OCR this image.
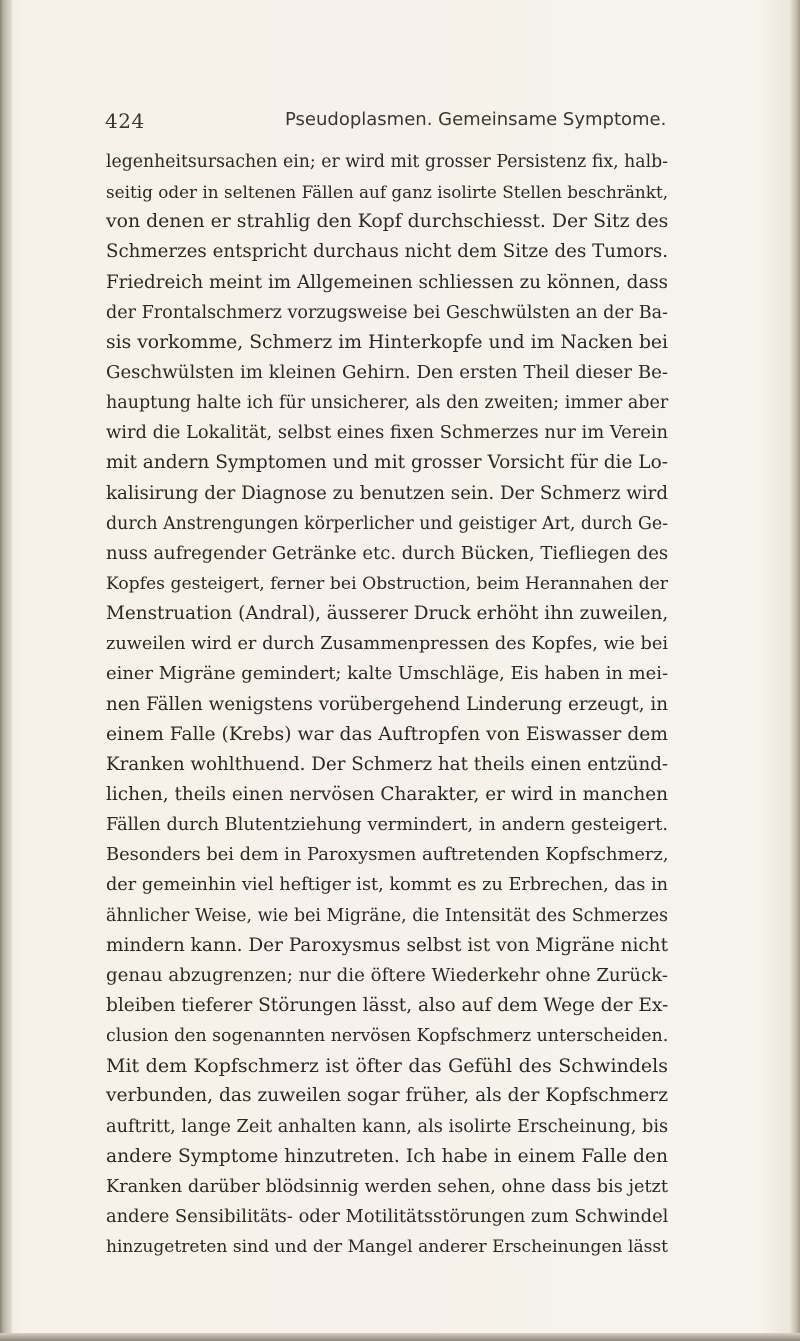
424	Pseudoplasmen. Gemeinsame Symptome.
legenheitsursachen ein; er wird mit grosser Persistenz fix, halb-
seitig oder in seltenen Fällen auf ganz isolirte Stellen beschränkt,
von denen er strahlig den Kopf durchschiesst. Der Sitz des
Schmerzes entspricht durchaus nicht dem Sitze des Tumors.
Friedreich meint im Allgemeinen schliessen zu können, dass
der Frontalschmerz vorzugsweise bei Geschwülsten an der Ba-
sis vorkomme, Schmerz im Hinterkopfe und im Nacken bei
Geschwülsten im kleinen Gehirn. Den ersten Theil dieser Be-
hauptung halte ich für unsicherer, als den zweiten; immer aber
wird die Lokalität, selbst eines fixen Schmerzes nur im Verein
mit andern Symptomen und mit grosser Vorsicht für die Lo-
kalisirung der Diagnose zu benutzen sein. Der Schmerz wird
durch Anstrengungen körperlicher und geistiger Art, durch Ge-
nuss aufregender Getränke etc. durch Bücken, Tiefliegen des
Kopfes gesteigert, ferner bei Obstruction, beim Herannahen der
Menstruation (Andral), äusserer Druck erhöht ihn zuweilen,
zuweilen wird er durch Zusammenpressen des Kopfes, wie bei
einer Migräne gemindert; kalte Umschläge, Eis haben in mei-
nen Fällen wenigstens vorübergehend Linderung erzeugt, in
einem Falle (Krebs) war das Auftropfen von Eiswasser dem
Kranken wohlthuend. Der Schmerz hat theils einen entzünd-
lichen, theils einen nervösen Charakter, er wird in manchen
Fällen durch Blutentziehung vermindert, in andern gesteigert.
Besonders bei dem in Paroxysmen auftretenden Kopfschmerz,
der gemeinhin viel heftiger ist, kommt es zu Erbrechen, das in
ähnlicher Weise, wie bei Migräne, die Intensität des Schmerzes
mindern kann. Der Paroxysmus selbst ist von Migräne nicht
genau abzugrenzen; nur die öftere Wiederkehr ohne Zurück-
bleiben tieferer Störungen lässt, also auf dem Wege der Ex-
clusion den sogenannten nervösen Kopfschmerz unterscheiden.
Mit dem Kopfschmerz ist öfter das Gefühl des Schwindels
verbunden, das zuweilen sogar früher, als der Kopfschmerz
auftritt, lange Zeit anhalten kann, als isolirte Erscheinung, bis
andere Symptome hinzutreten. Ich habe in einem Falle den
Kranken darüber blödsinnig werden sehen, ohne dass bis jetzt
andere Sensibilitäts- oder Motilitätsstörungen zum Schwindel
hinzugetreten sind und der Mangel anderer Erscheinungen lässt
